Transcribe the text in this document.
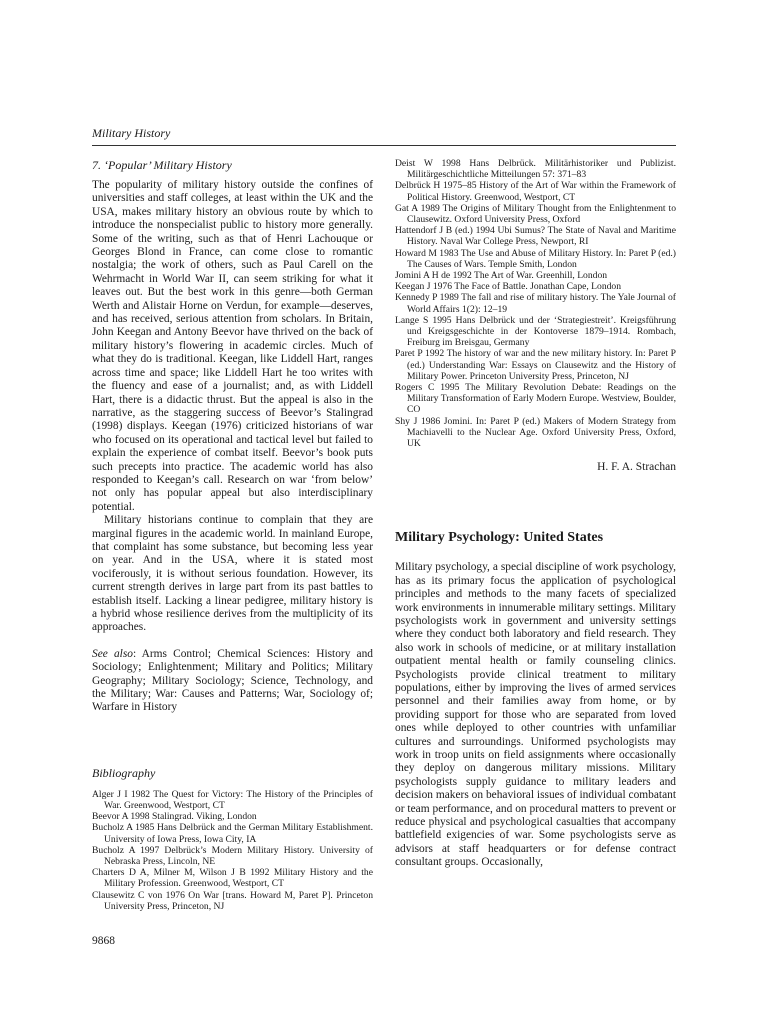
Military History
7. ‘Popular’ Military History

The popularity of military history outside the confines of universities and staff colleges, at least within the UK and the USA, makes military history an obvious route by which to introduce the nonspecialist public to history more generally. Some of the writing, such as that of Henri Lachouque or Georges Blond in France, can come close to romantic nostalgia; the work of others, such as Paul Carell on the Wehrmacht in World War II, can seem striking for what it leaves out. But the best work in this genre—both German Werth and Alistair Horne on Verdun, for example—deserves, and has received, serious attention from scholars. In Britain, John Keegan and Antony Beevor have thrived on the back of military history’s flowering in academic circles. Much of what they do is traditional. Keegan, like Liddell Hart, ranges across time and space; like Liddell Hart he too writes with the fluency and ease of a journalist; and, as with Liddell Hart, there is a didactic thrust. But the appeal is also in the narrative, as the staggering success of Beevor’s Stalingrad (1998) displays. Keegan (1976) criticized historians of war who focused on its operational and tactical level but failed to explain the experience of combat itself. Beevor’s book puts such precepts into practice. The academic world has also responded to Keegan’s call. Research on war ‘from below’ not only has popular appeal but also interdisciplinary potential.

Military historians continue to complain that they are marginal figures in the academic world. In mainland Europe, that complaint has some substance, but becoming less year on year. And in the USA, where it is stated most vociferously, it is without serious foundation. However, its current strength derives in large part from its past battles to establish itself. Lacking a linear pedigree, military history is a hybrid whose resilience derives from the multiplicity of its approaches.

See also: Arms Control; Chemical Sciences: History and Sociology; Enlightenment; Military and Politics; Military Geography; Military Sociology; Science, Technology, and the Military; War: Causes and Patterns; War, Sociology of; Warfare in History

Bibliography

Alger J I 1982 The Quest for Victory: The History of the Principles of War. Greenwood, Westport, CT

Beevor A 1998 Stalingrad. Viking, London

Bucholz A 1985 Hans Delbrück and the German Military Establishment. University of Iowa Press, Iowa City, IA

Bucholz A 1997 Delbrück’s Modern Military History. University of Nebraska Press, Lincoln, NE

Charters D A, Milner M, Wilson J B 1992 Military History and the Military Profession. Greenwood, Westport, CT

Clausewitz C von 1976 On War [trans. Howard M, Paret P]. Princeton University Press, Princeton, NJ

Deist W 1998 Hans Delbrück. Militärhistoriker und Publizist. Militärgeschichtliche Mitteilungen 57: 371–83

Delbrück H 1975–85 History of the Art of War within the Framework of Political History. Greenwood, Westport, CT

Gat A 1989 The Origins of Military Thought from the Enlightenment to Clausewitz. Oxford University Press, Oxford

Hattendorf J B (ed.) 1994 Ubi Sumus? The State of Naval and Maritime History. Naval War College Press, Newport, RI

Howard M 1983 The Use and Abuse of Military History. In: Paret P (ed.) The Causes of Wars. Temple Smith, London

Jomini A H de 1992 The Art of War. Greenhill, London

Keegan J 1976 The Face of Battle. Jonathan Cape, London

Kennedy P 1989 The fall and rise of military history. The Yale Journal of World Affairs 1(2): 12–19

Lange S 1995 Hans Delbrück und der ‘Strategiestreit’. Kreigsführung und Kreigsgeschichte in der Kontoverse 1879–1914. Rombach, Freiburg im Breisgau, Germany

Paret P 1992 The history of war and the new military history. In: Paret P (ed.) Understanding War: Essays on Clausewitz and the History of Military Power. Princeton University Press, Princeton, NJ

Rogers C 1995 The Military Revolution Debate: Readings on the Military Transformation of Early Modern Europe. Westview, Boulder, CO

Shy J 1986 Jomini. In: Paret P (ed.) Makers of Modern Strategy from Machiavelli to the Nuclear Age. Oxford University Press, Oxford, UK

H. F. A. Strachan
Military Psychology: United States

Military psychology, a special discipline of work psychology, has as its primary focus the application of psychological principles and methods to the many facets of specialized work environments in innumerable military settings. Military psychologists work in government and university settings where they conduct both laboratory and field research. They also work in schools of medicine, or at military installation outpatient mental health or family counseling clinics. Psychologists provide clinical treatment to military populations, either by improving the lives of armed services personnel and their families away from home, or by providing support for those who are separated from loved ones while deployed to other countries with unfamiliar cultures and surroundings. Uniformed psychologists may work in troop units on field assignments where occasionally they deploy on dangerous military missions. Military psychologists supply guidance to military leaders and decision makers on behavioral issues of individual combatant or team performance, and on procedural matters to prevent or reduce physical and psychological casualties that accompany battlefield exigencies of war. Some psychologists serve as advisors at staff headquarters or for defense contract consultant groups. Occasionally,

9868
